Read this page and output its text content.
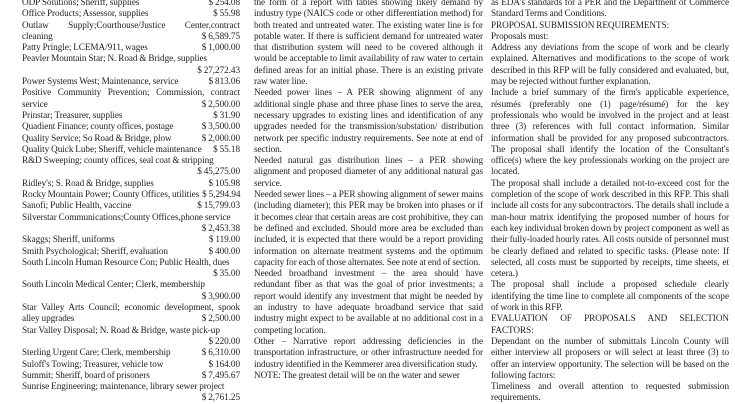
ODP Solutions; Sheriff, supplies	$ 254.08
Office Products; Assessor, supplies	$ 55.98
Outlaw Supply;Courthouse/Justice Center,contract
cleaning	$ 6,589.75
Patty Pringle; LCEMA/911, wages	$ 1,000.00
Peavler Mountain Star; N. Road & Bridge, supplies
$ 27,272.43
Power Systems West; Maintenance, service	$ 813.06
Positive Community Prevention; Commission, contract
service	$ 2,500.00
Prinstar; Treasurer, supplies	$ 31.90
Quadient Finance; county offices, postage	$ 3,500.00
Quality Service; So Road & Bridge, plow	$ 2,000.00
Quality Quick Lube; Sheriff, vehicle maintenance	$ 55.18
R&D Sweeping; county offices, seal coat & stripping
$ 45,275.00
Ridley's; S. Road & Bridge, supplies	$ 105.98
Rocky Mountain Power; County Offices, utilities $ 5,294.94
Sanofi; Public Health, vaccine	$ 15,799.03
Silverstar Communications;County Offices,phone service
$ 2,453.38
Skaggs; Sheriff, uniforms	$ 119.00
Smith Psychological; Sheriff, evaluation	$ 400.00
South Lincoln Human Resource Con; Public Health, dues
$ 35.00
South Lincoln Medical Center; Clerk, membership
$ 3,900.00
Star Valley Arts Council; economic development, spook
alley upgrades	$ 2,500.00
Star Valley Disposal; N. Road & Bridge, waste pick-up
$ 220.00
Sterling Urgent Care; Clerk, membership	$ 6,310.00
Suloff's Towing; Treasurer, vehicle tow	$ 164.00
Summit; Sheriff, board of prisoners	$ 7,495.67
Sunrise Engineering; maintenance, library sewer project
$ 2,761.25

the form of a report with tables showing likely demand by industry type (NAICS code or other differentiation method) for both treated and untreated water. The existing water line is for potable water. If there is sufficient demand for untreated water that distribution system will need to be covered although it would be acceptable to limit availability of raw water to certain defined areas for an initial phase. There is an existing private raw water line.

Needed power lines – A PER showing alignment of any additional single phase and three phase lines to serve the area, necessary upgrades to existing lines and identification of any upgrades needed for the transmission/substation/ distribution network per specific industry requirements. See note at end of section.

Needed natural gas distribution lines – a PER showing alignment and proposed diameter of any additional natural gas service.

Needed sewer lines – a PER showing alignment of sewer mains (including diameter); this PER may be broken into phases or if it becomes clear that certain areas are cost prohibitive, they can be defined and excluded. Should more area be excluded than included, it is expected that there would be a report providing information on alternate treatment systems and the optimum capacity for each of those alternates. See note at end of section.

Needed broadband investment – the area should have redundant fiber as that was the goal of prior investments; a report would identify any investment that might be needed by an industry to have adequate broadband service that said industry might expect to be available at no additional cost in a competing location.

Other – Narrative report addressing deficiencies in the transportation infrastructure, or other infrastructure needed for industry identified in the Kemmerer area diversification study.

NOTE: The greatest detail will be on the water and sewer

as EDA's standards for a PER and the Department of Commerce Standard Terms and Conditions.

PROPOSAL SUBMISSION REQUIREMENTS:

Proposals must:

Address any deviations from the scope of work and be clearly explained. Alternatives and modifications to the scope of work described in this RFP will be fully considered and evaluated, but, may be rejected without further explanation.

Include a brief summary of the firm's applicable experience, résumés (preferably one (1) page/résumé) for the key professionals who would be involved in the project and at least three (3) references with full contact information. Similar information shall be provided for any proposed subcontractors. The proposal shall identify the location of the Consultant's office(s) where the key professionals working on the project are located.

The proposal shall include a detailed not-to-exceed cost for the completion of the scope of work described in this RFP. This shall include all costs for any subcontractors. The details shall include a man-hour matrix identifying the proposed number of hours for each key individual broken down by project component as well as their fully-loaded hourly rates. All costs outside of personnel must be clearly defined and related to specific tasks. (Please note: If selected, all costs must be supported by receipts, time sheets, et cetera.)

The proposal shall include a proposed schedule clearly identifying the time line to complete all components of the scope of work in this RFP.

EVALUATION OF PROPOSALS AND SELECTION FACTORS:

Dependant on the number of submittals Lincoln County will either interview all proposers or will select at least three (3) to offer an interview opportunity. The selection will be based on the following factors:

Timeliness and overall attention to requested submission requirements.
